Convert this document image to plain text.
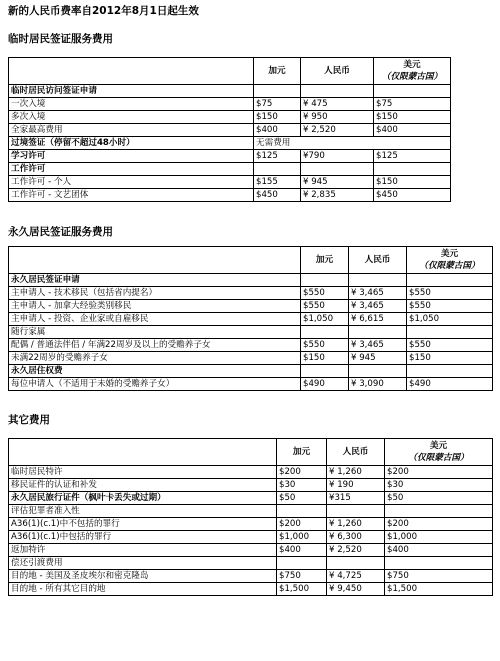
新的人民币费率自2012年8月1日起生效
临时居民签证服务费用
	加元	人民币	美元
（仅限蒙古国）

临时居民访问签证申请			
一次入境	$75	¥ 475	$75
多次入境	$150	¥ 950	$150
全家最高费用	$400	¥ 2,520	$400
过境签证（停留不超过48小时）	无需费用		
学习许可	$125	¥790	$125
工作许可			
工作许可 - 个人	$155	¥ 945	$150
工作许可 - 文艺团体	$450	¥ 2,835	$450
永久居民签证服务费用
	加元	人民币	美元
（仅限蒙古国）

永久居民签证申请			
主申请人 - 技术移民（包括省内提名）	$550	¥ 3,465	$550
主申请人 - 加拿大经验类别移民	$550	¥ 3,465	$550
主申请人 - 投资、企业家或自雇移民	$1,050	¥ 6,615	$1,050
随行家属			
配偶 / 普通法伴侣 / 年满22周岁及以上的受赡养子女	$550	¥ 3,465	$550
未满22周岁的受赡养子女	$150	¥ 945	$150
永久居住权费			
每位申请人（不适用于未婚的受赡养子女）	$490	¥ 3,090	$490
其它费用
	加元	人民币	美元
（仅限蒙古国）

临时居民特许	$200	¥ 1,260	$200
移民证件的认证和补发	$30	¥ 190	$30
永久居民旅行证件（枫叶卡丢失或过期）	$50	¥315	$50
评估犯罪者准入性			
A36(1)(c.1)中不包括的罪行	$200	¥ 1,260	$200
A36(1)(c.1)中包括的罪行	$1,000	¥ 6,300	$1,000
返加特许	$400	¥ 2,520	$400
偿还引渡费用			
目的地 - 美国及圣皮埃尔和密克隆岛	$750	¥ 4,725	$750
目的地 - 所有其它目的地	$1,500	¥ 9,450	$1,500
